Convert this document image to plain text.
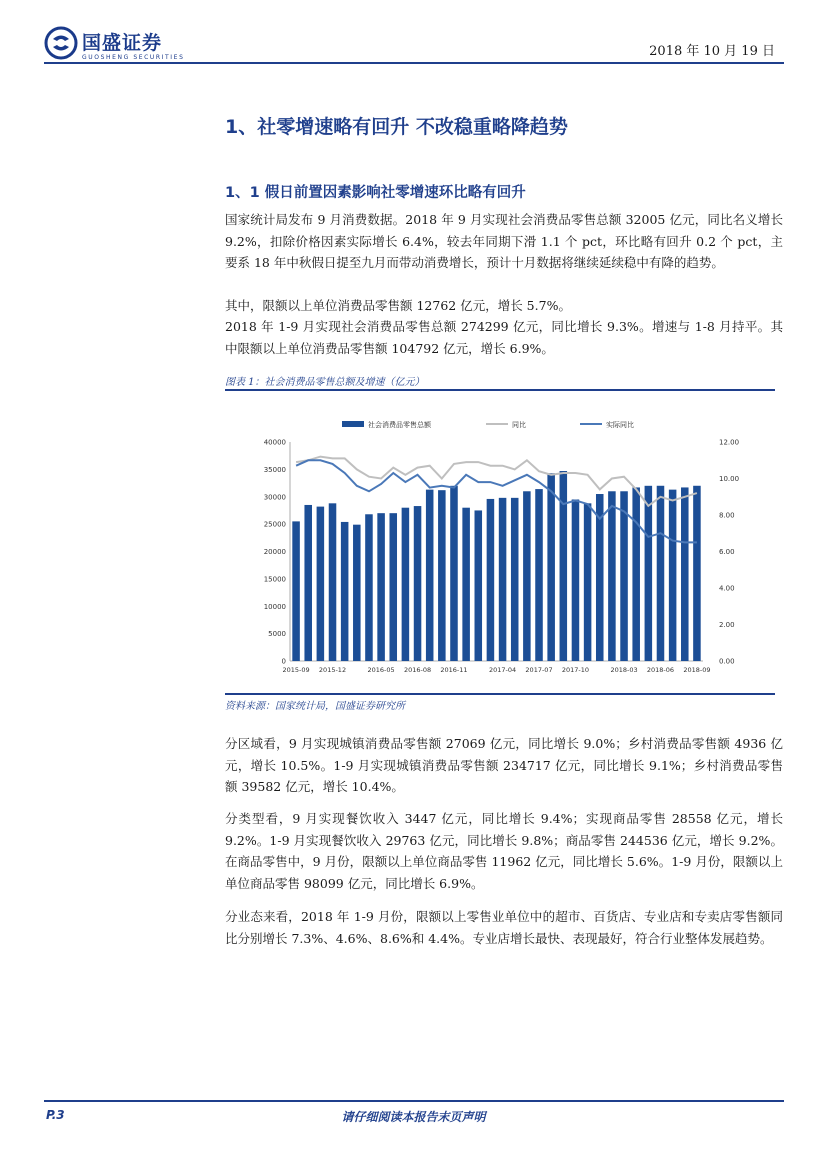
国盛证券
GUOSHENG SECURITIES	2018 年 10 月 19 日
1、社零增速略有回升 不改稳重略降趋势
1、1 假日前置因素影响社零增速环比略有回升
国家统计局发布 9 月消费数据。2018 年 9 月实现社会消费品零售总额 32005 亿元，同比名义增长 9.2%，扣除价格因素实际增长 6.4%，较去年同期下滑 1.1 个 pct，环比略有回升 0.2 个 pct，主要系 18 年中秋假日提至九月而带动消费增长，预计十月数据将继续延续稳中有降的趋势。
其中，限额以上单位消费品零售额 12762 亿元，增长 5.7%。
2018 年 1-9 月实现社会消费品零售总额 274299 亿元，同比增长 9.3%。增速与 1-8 月持平。其中限额以上单位消费品零售额 104792 亿元，增长 6.9%。
图表 1：社会消费品零售总额及增速（亿元）
社会消费品零售总额	同比	实际同比
0
5000
10000
15000
20000
25000
30000
35000
40000
0.00
2.00
4.00
6.00
8.00
10.00
12.00
2015-09 2015-12	2016-05 2016-08 2016-11	2017-04 2017-07 2017-10	2018-03 2018-06 2018-09
资料来源：国家统计局，国盛证券研究所
分区域看，9 月实现城镇消费品零售额 27069 亿元，同比增长 9.0%；乡村消费品零售额 4936 亿元，增长 10.5%。1-9 月实现城镇消费品零售额 234717 亿元，同比增长 9.1%；乡村消费品零售额 39582 亿元，增长 10.4%。
分类型看，9 月实现餐饮收入 3447 亿元，同比增长 9.4%；实现商品零售 28558 亿元，增长 9.2%。1-9 月实现餐饮收入 29763 亿元，同比增长 9.8%；商品零售 244536 亿元，增长 9.2%。在商品零售中，9 月份，限额以上单位商品零售 11962 亿元，同比增长 5.6%。1-9 月份，限额以上单位商品零售 98099 亿元，同比增长 6.9%。
分业态来看，2018 年 1-9 月份，限额以上零售业单位中的超市、百货店、专业店和专卖店零售额同比分别增长 7.3%、4.6%、8.6%和 4.4%。专业店增长最快、表现最好，符合行业整体发展趋势。
请仔细阅读本报告末页声明
P.3
